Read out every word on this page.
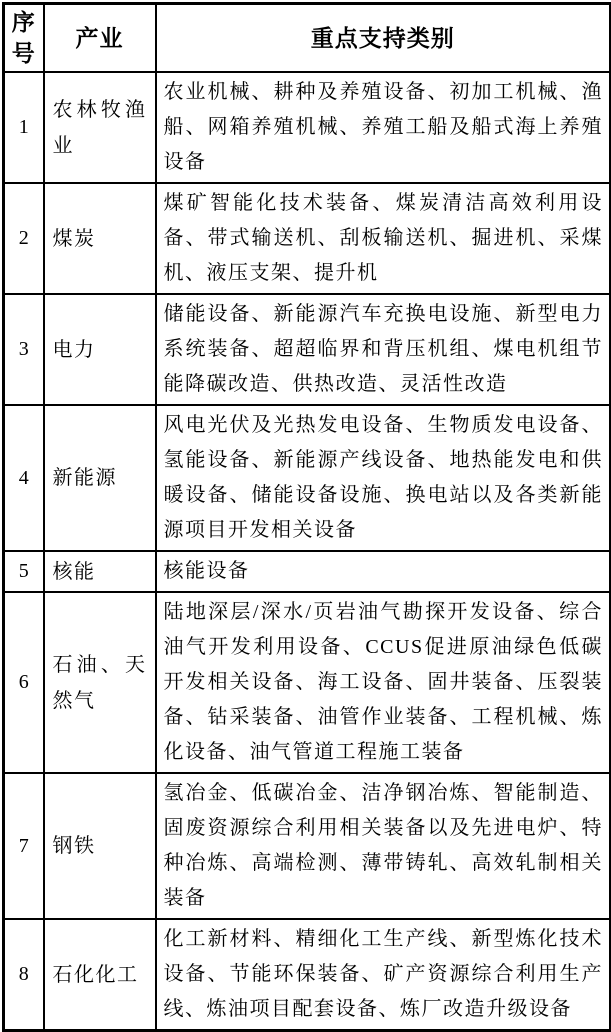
序号	产业	重点支持类别
1	农林牧渔业	农业机械、耕种及养殖设备、初加工机械、渔船、网箱养殖机械、养殖工船及船式海上养殖设备
2	煤炭	煤矿智能化技术装备、煤炭清洁高效利用设备、带式输送机、刮板输送机、掘进机、采煤机、液压支架、提升机
3	电力	储能设备、新能源汽车充换电设施、新型电力系统装备、超超临界和背压机组、煤电机组节能降碳改造、供热改造、灵活性改造
4	新能源	风电光伏及光热发电设备、生物质发电设备、氢能设备、新能源产线设备、地热能发电和供暖设备、储能设备设施、换电站以及各类新能源项目开发相关设备
5	核能	核能设备
6	石油、天然气	陆地深层/深水/页岩油气勘探开发设备、综合油气开发利用设备、CCUS促进原油绿色低碳开发相关设备、海工设备、固井装备、压裂装备、钻采装备、油管作业装备、工程机械、炼化设备、油气管道工程施工装备
7	钢铁	氢冶金、低碳冶金、洁净钢冶炼、智能制造、固废资源综合利用相关装备以及先进电炉、特种冶炼、高端检测、薄带铸轧、高效轧制相关装备
8	石化化工	化工新材料、精细化工生产线、新型炼化技术设备、节能环保装备、矿产资源综合利用生产线、炼油项目配套设备、炼厂改造升级设备
